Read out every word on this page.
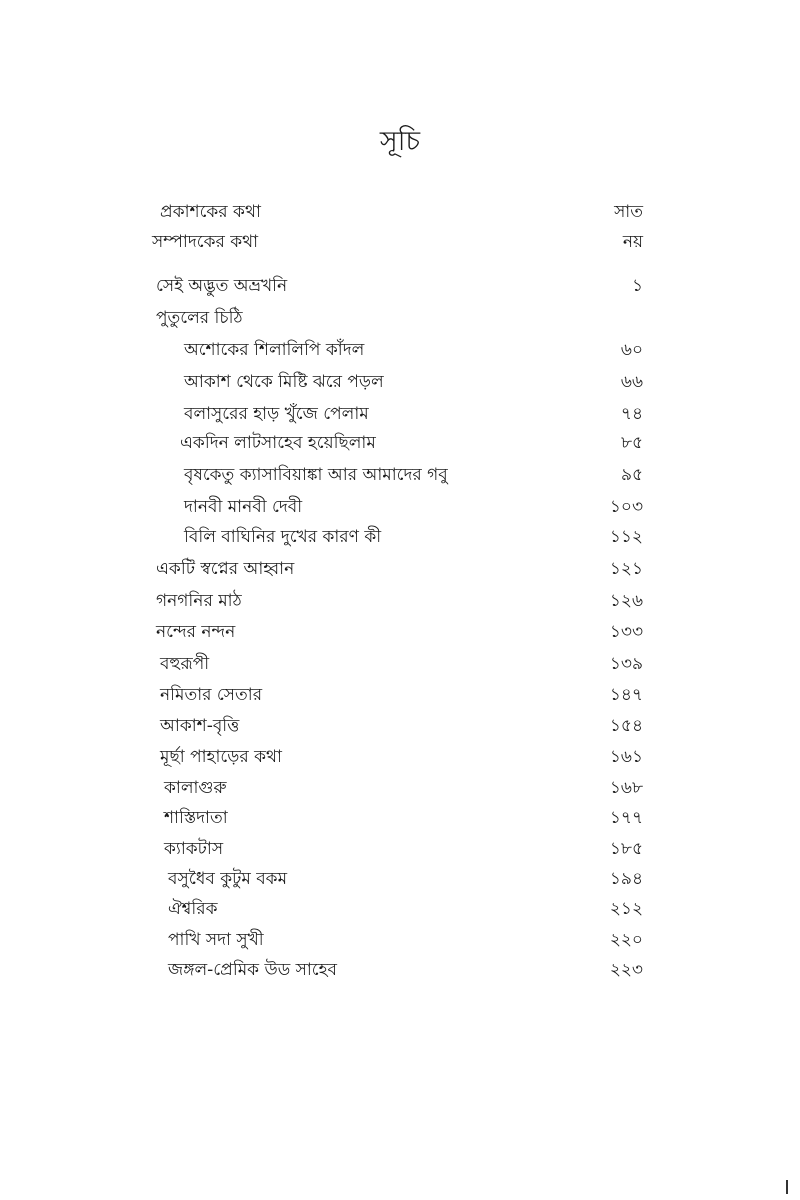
সূচি
প্রকাশকের কথা	সাত
সম্পাদকের কথা	নয়
সেই অদ্ভুত অভ্রখনি	১
পুতুলের চিঠি
অশোকের শিলালিপি কাঁদল	৬০
আকাশ থেকে মিষ্টি ঝরে পড়ল	৬৬
বলাসুরের হাড় খুঁজে পেলাম	৭৪
একদিন লাটসাহেব হয়েছিলাম	৮৫
বৃষকেতু ক্যাসাবিয়াঙ্কা আর আমাদের গবু	৯৫
দানবী মানবী দেবী	১০৩
বিলি বাঘিনির দুখের কারণ কী	১১২
একটি স্বপ্নের আহ্বান	১২১
গনগনির মাঠ	১২৬
নন্দের নন্দন	১৩৩
বহুরূপী	১৩৯
নমিতার সেতার	১৪৭
আকাশ-বৃত্তি	১৫৪
মূর্ছা পাহাড়ের কথা	১৬১
কালাগুরু	১৬৮
শাস্তিদাতা	১৭৭
ক্যাকটাস	১৮৫
বসুধৈব কুটুম বকম	১৯৪
ঐশ্বরিক	২১২
পাখি সদা সুখী	২২০
জঙ্গল-প্রেমিক উড সাহেব	২২৩
